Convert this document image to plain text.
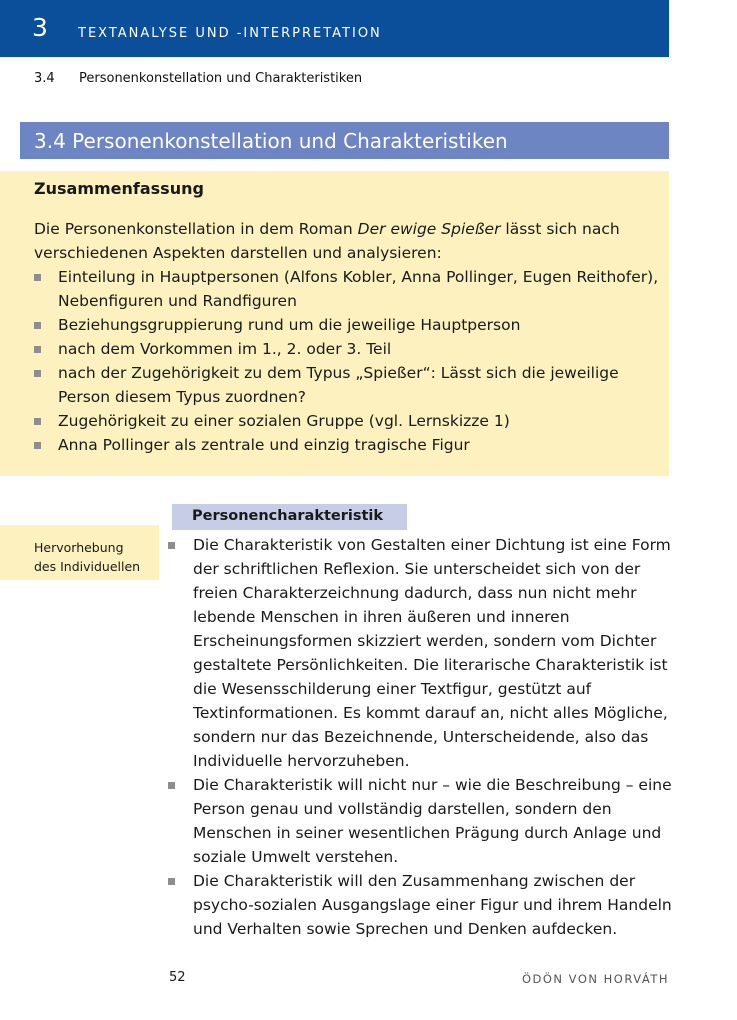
3 TEXTANALYSE UND -INTERPRETATION
3.4 Personenkonstellation und Charakteristiken
3.4 Personenkonstellation und Charakteristiken
Zusammenfassung
Die Personenkonstellation in dem Roman Der ewige Spießer lässt sich nach verschiedenen Aspekten darstellen und analysieren:
Einteilung in Hauptpersonen (Alfons Kobler, Anna Pollinger, Eugen Reithofer), Nebenfiguren und Randfiguren
Beziehungsgruppierung rund um die jeweilige Hauptperson
nach dem Vorkommen im 1., 2. oder 3. Teil
nach der Zugehörigkeit zu dem Typus „Spießer“: Lässt sich die jeweilige Person diesem Typus zuordnen?
Zugehörigkeit zu einer sozialen Gruppe (vgl. Lernskizze 1)
Anna Pollinger als zentrale und einzig tragische Figur
Personencharakteristik
Hervorhebung
des Individuellen
Die Charakteristik von Gestalten einer Dichtung ist eine Form der schriftlichen Reflexion. Sie unterscheidet sich von der freien Charakterzeichnung dadurch, dass nun nicht mehr lebende Menschen in ihren äußeren und inneren Erscheinungsformen skizziert werden, sondern vom Dichter gestaltete Persönlichkeiten. Die literarische Charakteristik ist die Wesensschilderung einer Textfigur, gestützt auf Textinformationen. Es kommt darauf an, nicht alles Mögliche, sondern nur das Bezeichnende, Unterscheidende, also das Individuelle hervorzuheben.
Die Charakteristik will nicht nur – wie die Beschreibung – eine Person genau und vollständig darstellen, sondern den Menschen in seiner wesentlichen Prägung durch Anlage und soziale Umwelt verstehen.
Die Charakteristik will den Zusammenhang zwischen der psycho-sozialen Ausgangslage einer Figur und ihrem Handeln und Verhalten sowie Sprechen und Denken aufdecken.
52	ÖDÖN VON HORVÁTH
